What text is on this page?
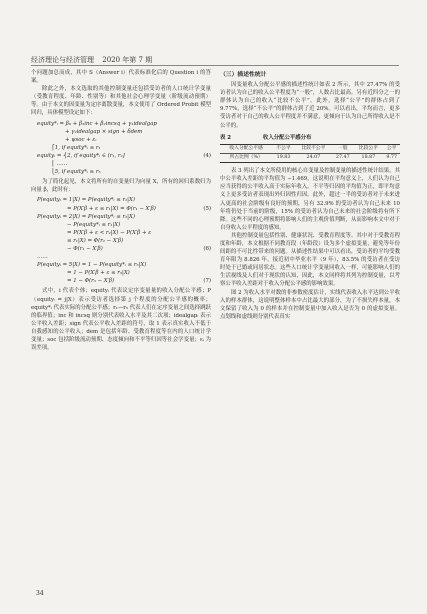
经济理论与经济管理 2020 年第 7 期

个问题加总而成，其中 S（Answer i）代表标准化后的 Question i 的答案。

除此之外，本文选取的其他控制变量还包括受访者的人口统计学变量（受教育程度、年龄、性别等）和其他社会心理学变量（阶级流动预期）等。由于本文的因变量为定序离散变量，本文使用了 Ordered Probit 模型回归，具体模型设定如下：

equity*ᵢ = β₀ + β₁inc + β₂incsq + γ₁idealgap
+ γ₂idealgap × sign + δdem
+ ψsoc + εᵢ
⎧1, if equity*ᵢ ≤ r₁
equityᵢ = ⎨2, if equity*ᵢ ∈ (r₁, r₂]	(4)
⎪ ……
⎩5, if equity*ᵢ ≥ r₅

为了简化起见，本文将所有的自变量归为向量 X，所有的回归系数归为向量 β，此时有：

P(equityᵢ = 1|X) = P(equity*ᵢ ≤ r₁|X)
= P(X′β + ε ≤ r₁|X) = Φ(r₁ − X′β)	(5)
P(equityᵢ = 2|X) = P(equity*ᵢ ≤ r₂|X)
− P(equity*ᵢ ≤ r₁|X)
= P(X′β + ε < r₂|X) − P(X′β + ε
≤ r₁|X) = Φ(r₂ − X′β)
− Φ(r₁ − X′β)	(6)
……
P(equityᵢ = 5|X) = 1 − P(equity*ᵢ ≤ r₅|X)
= 1 − P(X′β + ε ≤ r₅|X)
= 1 − Φ(r₅ − X′β)	(7)

式中，i 代表个体；equityᵢ 代表议定序变量量的收入分配公平感；P（equityᵢ = j|X）表示受访者选择第 j 个程度的分配公平感的概率；equity*ᵢ 代表实际的分配公平感；r₁—r₅ 代表人们在定序变量之间选择跳跃的临界值；inc 和 incsq 则分别代表收入水平及其二次项；idealgapᵢ 表示公平收入差距；sign 代表公平收入差距的符号，取 1 表示真实收入不低于自我感知的公平收入；dem 是包括年龄、受教育程度等在内的人口统计学变量；soc 包括阶级流动预期、态度倾向和不平等归因等社会学变量；εᵢ 为误差项。

（三）描述性统计

因变量收入分配公平感的描述性统计如表 2 所示，其中 27.47% 的受访者认为自己的收入公平程度为“一般”，人数占比最高。另有近四分之一的群体认为自己的收入“比较不公平”。此外，选择“公平”的群体占到了 9.77%，选择“不公平”的群体占到了近 20%。可以看出，平均而言，更多受访者对于自己的收入公平程度并不满意，更倾向于认为自己所得收入是不公平的。

表 2	收入分配公平感分布
收入分配公平感	不公平	比较不公平	一般	比较公平	公平
所占比例（%）	19.83	24.07	27.47	18.87	9.77

表 3 列出了本文所使用的核心自变量及控制变量的描述性统计结果。其中公平收入差距的平均值为 −1.469，这说明在平均意义上，人们认为自己应当获得的公平收入高于实际年收入。不平等归因的平均值为正，即平均意义上更多受访者表现出外归因性归因。此外，超过一半的受访者对于未来进入更高的社会阶级有良好的预期，另有 32.9% 的受访者认为自己未来 10 年将仍处于当前的阶级，15% 的受访者认为自己未来的社会阶级将有所下降。这些不同的心理预期将影响人们的主观价值判断，从而影响本文中对于自身收入公平程度的感知。

其他控制变量包括性别、健康状况、受教育程度等。其中对于受教育程度和年龄，本文根据不同教育段（年龄段）设为多个虚拟变量，避免等年份间距的不可比性带来的问题。从描述性结果中可以看出，受访者的平均受教育年限为 8.826 年，接近初中毕业水平（9 年），83.5% 的受访者在受访时处于已婚或同居状态。这些人口统计学变量同收入一样，可能影响人们的生活视线及人们对于现状的认知，因此，本文同样将其列为控制变量，以考察公平收入差距对于收入分配公平感的影响效果。

图 2 为收入水平对数的非参数密度估计，实线代表收入水平达到公平收入的样本群体，这说明整体样本中占比最大的部分，为了不损失样本量，本文保留了收入为 0 的样本并在控制变量中加入收入是否为 0 的虚拟变量。点划线和虚线则分别代表真实

34
